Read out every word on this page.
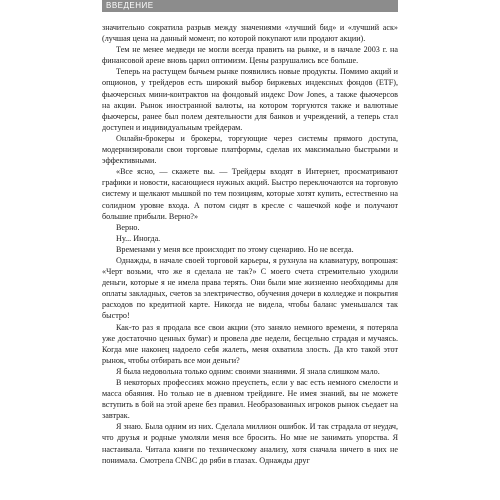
ВВЕДЕНИЕ	15

значительно сократила разрыв между значениями «лучший бид» и «лучший аск» (лучшая цена на данный момент, по которой покупают или продают акции).

Тем не менее медведи не могли всегда править на рынке, и в начале 2003 г. на финансовой арене вновь царил оптимизм. Цены разрушались все больше.

Теперь на растущем бычьем рынке появились новые продукты. Помимо акций и опционов, у трейдеров есть широкий выбор биржевых индексных фондов (ETF), фьючерсных мини-контрактов на фондовый индекс Dow Jones, а также фьючерсов на акции. Рынок иностранной валюты, на котором торгуются также и валютные фьючерсы, ранее был полем деятельности для банков и учреждений, а теперь стал доступен и индивидуальным трейдерам.

Онлайн-брокеры и брокеры, торгующие через системы прямого доступа, модернизировали свои торговые платформы, сделав их максимально быстрыми и эффективными.

«Все ясно, — скажете вы. — Трейдеры входят в Интернет, просматривают графики и новости, касающиеся нужных акций. Быстро переключаются на торговую систему и щелкают мышкой по тем позициям, которые хотят купить, естественно на солидном уровне входа. А потом сидят в кресле с чашечкой кофе и получают большие прибыли. Верно?»

Верно.

Ну... Иногда.

Временами у меня все происходит по этому сценарию. Но не всегда.

Однажды, в начале своей торговой карьеры, я рухнула на клавиатуру, вопрошая: «Черт возьми, что же я сделала не так?» С моего счета стремительно уходили деньги, которые я не имела права терять. Они были мне жизненно необходимы для оплаты закладных, счетов за электричество, обучения дочери в колледже и покрытия расходов по кредитной карте. Никогда не видела, чтобы баланс уменьшался так быстро!

Как-то раз я продала все свои акции (это заняло немного времени, я потеряла уже достаточно ценных бумаг) и провела две недели, бесцельно страдая и мучаясь. Когда мне наконец надоело себя жалеть, меня охватила злость. Да кто такой этот рынок, чтобы отбирать все мои деньги?

Я была недовольна только одним: своими знаниями. Я знала слишком мало.

В некоторых профессиях можно преуспеть, если у вас есть немного смелости и масса обаяния. Но только не в дневном трейдинге. Не имея знаний, вы не можете вступить в бой на этой арене без правил. Необразованных игроков рынок съедает на завтрак.

Я знаю. Была одним из них. Сделала миллион ошибок. И так страдала от неудач, что друзья и родные умоляли меня все бросить. Но мне не занимать упорства. Я настаивала. Читала книги по техническому анализу, хотя сначала ничего в них не понимала. Смотрела CNBC до ряби в глазах. Однажды друг
